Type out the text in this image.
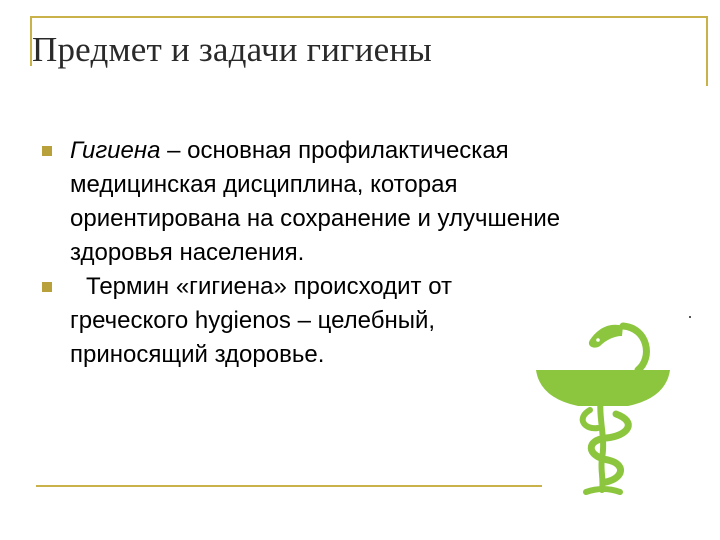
Предмет и задачи гигиены
Гигиена – основная профилактическая медицинская дисциплина, которая ориентирована на сохранение и улучшение здоровья населения.
Термин «гигиена» происходит от
греческого hygienos – целебный,
приносящий здоровье.
